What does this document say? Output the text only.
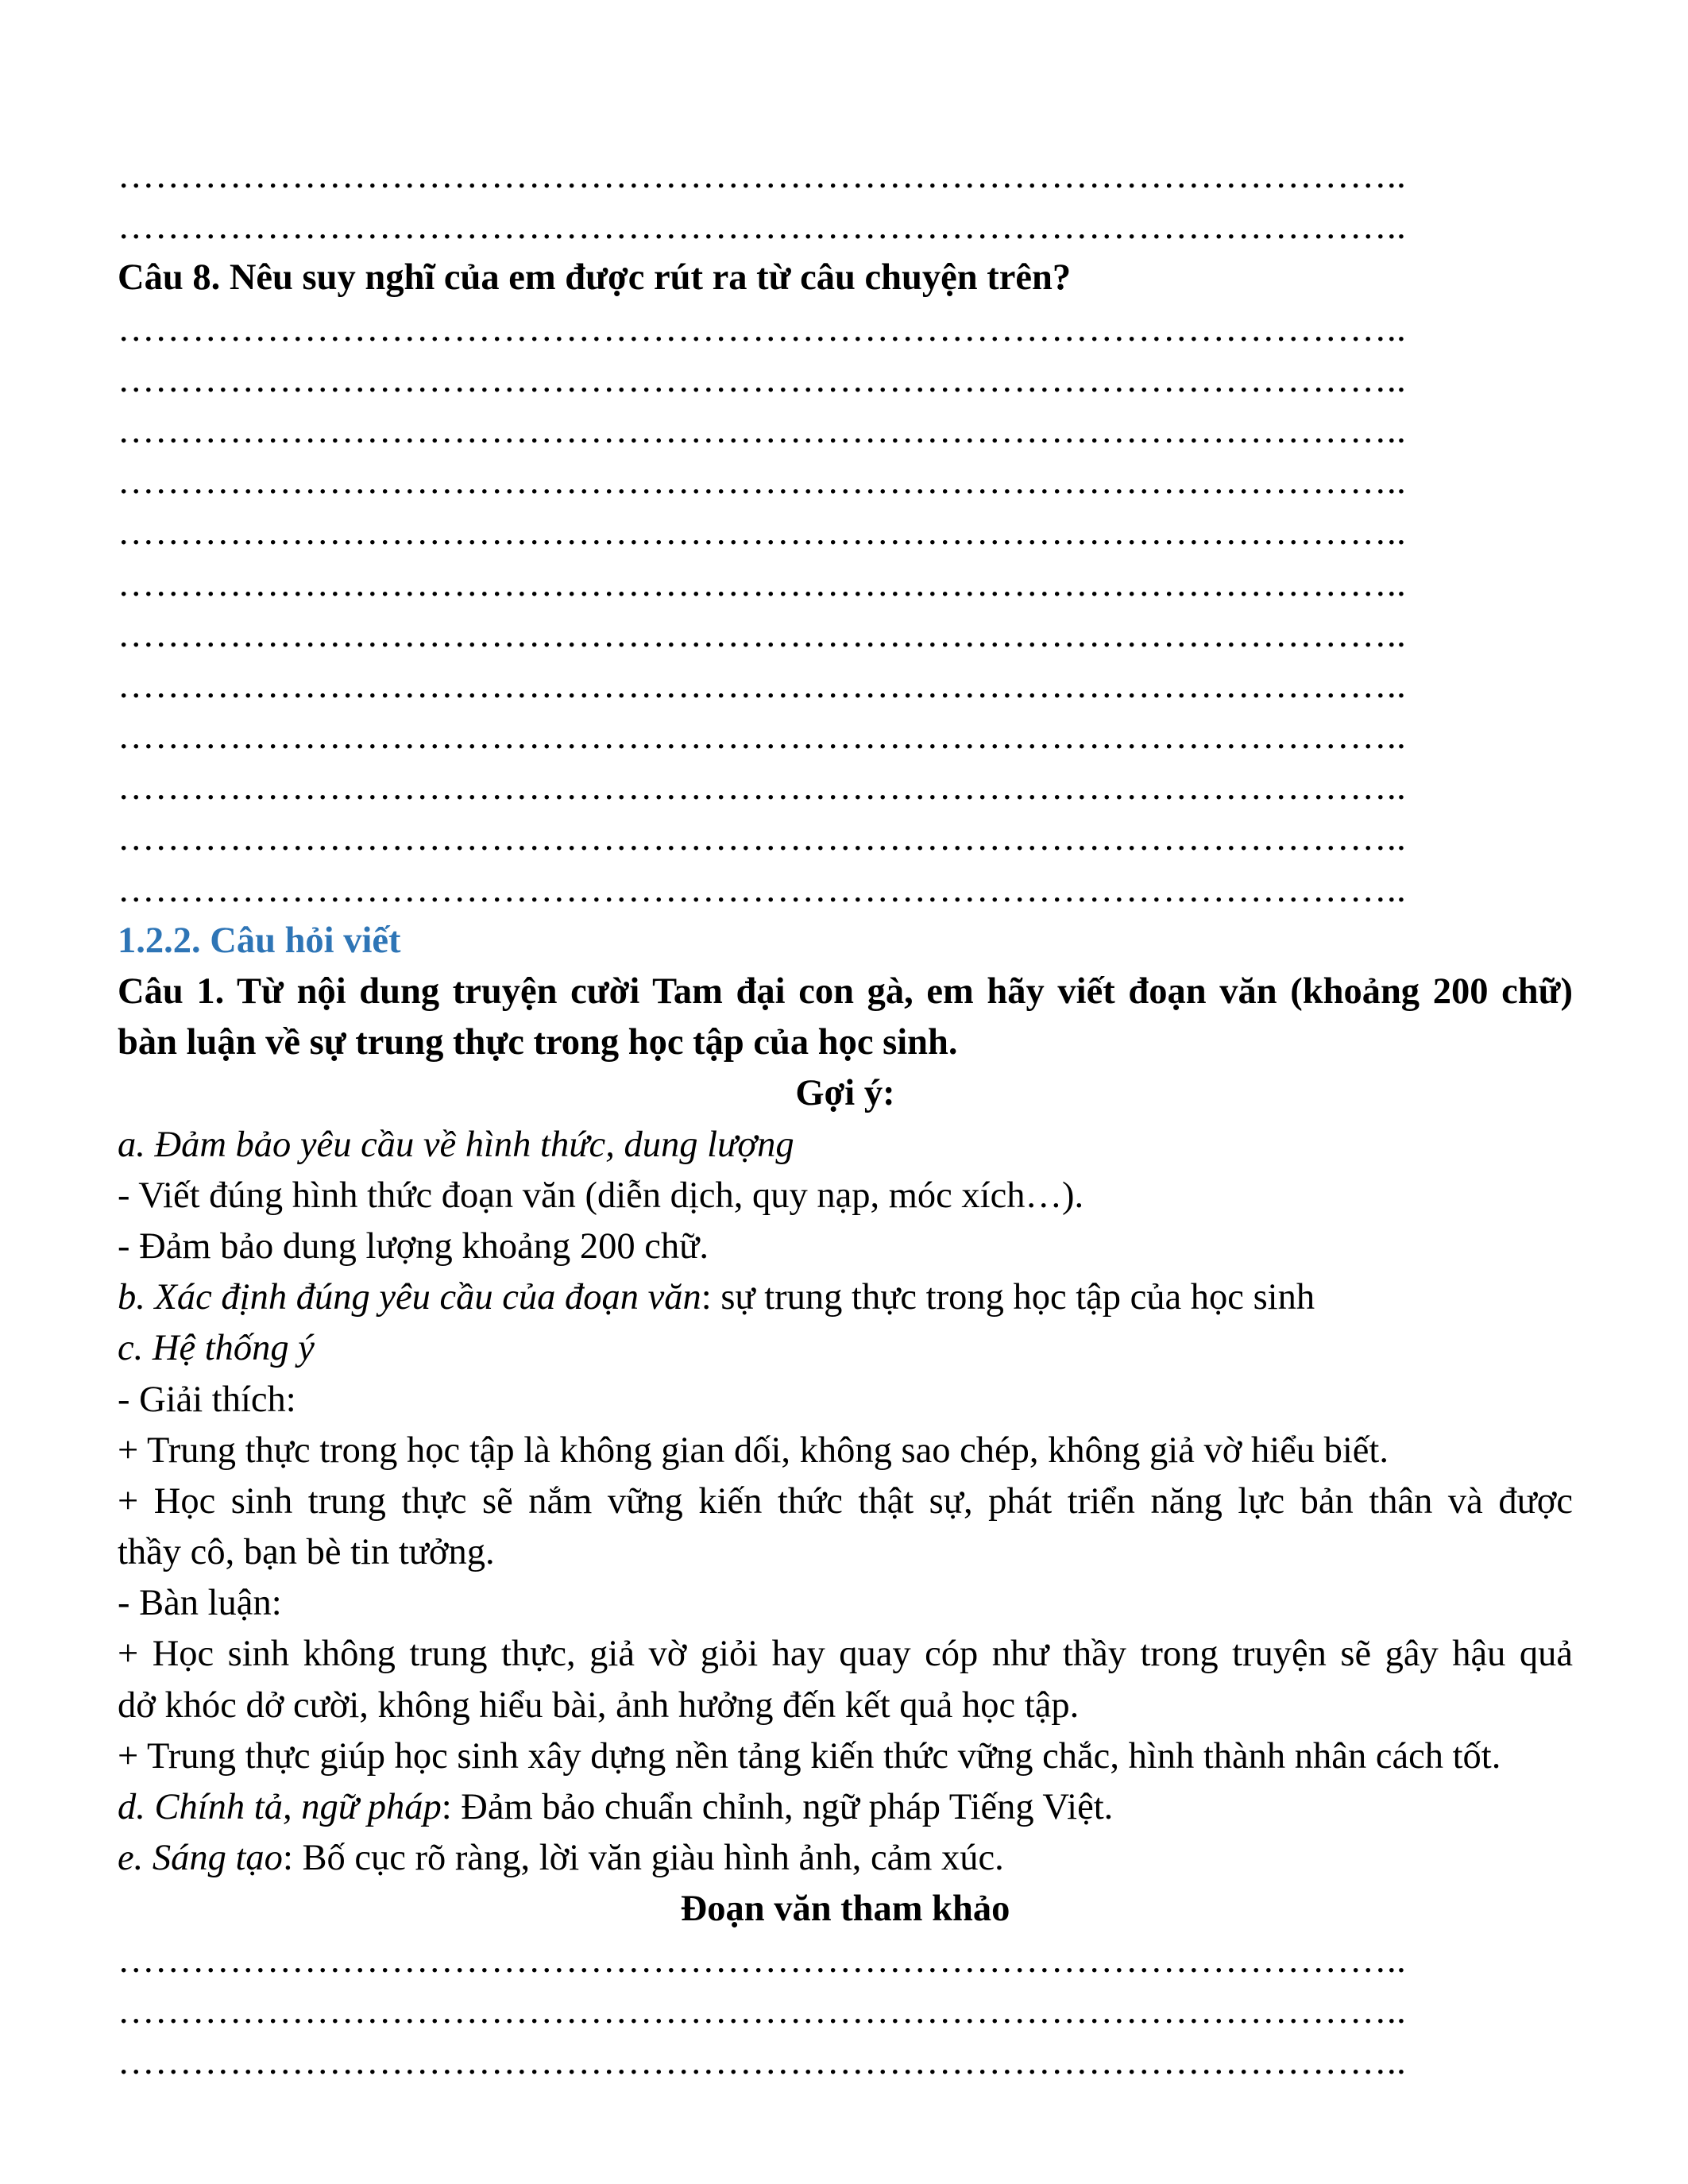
…………………………………………………………………………………………..
…………………………………………………………………………………………..
Câu 8. Nêu suy nghĩ của em được rút ra từ câu chuyện trên?
…………………………………………………………………………………………..
…………………………………………………………………………………………..
…………………………………………………………………………………………..
…………………………………………………………………………………………..
…………………………………………………………………………………………..
…………………………………………………………………………………………..
…………………………………………………………………………………………..
…………………………………………………………………………………………..
…………………………………………………………………………………………..
…………………………………………………………………………………………..
…………………………………………………………………………………………..
…………………………………………………………………………………………..
1.2.2. Câu hỏi viết
Câu 1. Từ nội dung truyện cười Tam đại con gà, em hãy viết đoạn văn (khoảng 200 chữ)
bàn luận về sự trung thực trong học tập của học sinh.
Gợi ý:
a. Đảm bảo yêu cầu về hình thức, dung lượng
- Viết đúng hình thức đoạn văn (diễn dịch, quy nạp, móc xích…).
- Đảm bảo dung lượng khoảng 200 chữ.
b. Xác định đúng yêu cầu của đoạn văn: sự trung thực trong học tập của học sinh
c. Hệ thống ý
- Giải thích:
+ Trung thực trong học tập là không gian dối, không sao chép, không giả vờ hiểu biết.
+ Học sinh trung thực sẽ nắm vững kiến thức thật sự, phát triển năng lực bản thân và được
thầy cô, bạn bè tin tưởng.
- Bàn luận:
+ Học sinh không trung thực, giả vờ giỏi hay quay cóp như thầy trong truyện sẽ gây hậu quả
dở khóc dở cười, không hiểu bài, ảnh hưởng đến kết quả học tập.
+ Trung thực giúp học sinh xây dựng nền tảng kiến thức vững chắc, hình thành nhân cách tốt.
d. Chính tả, ngữ pháp: Đảm bảo chuẩn chỉnh, ngữ pháp Tiếng Việt.
e. Sáng tạo: Bố cục rõ ràng, lời văn giàu hình ảnh, cảm xúc.
Đoạn văn tham khảo
…………………………………………………………………………………………..
…………………………………………………………………………………………..
…………………………………………………………………………………………..
